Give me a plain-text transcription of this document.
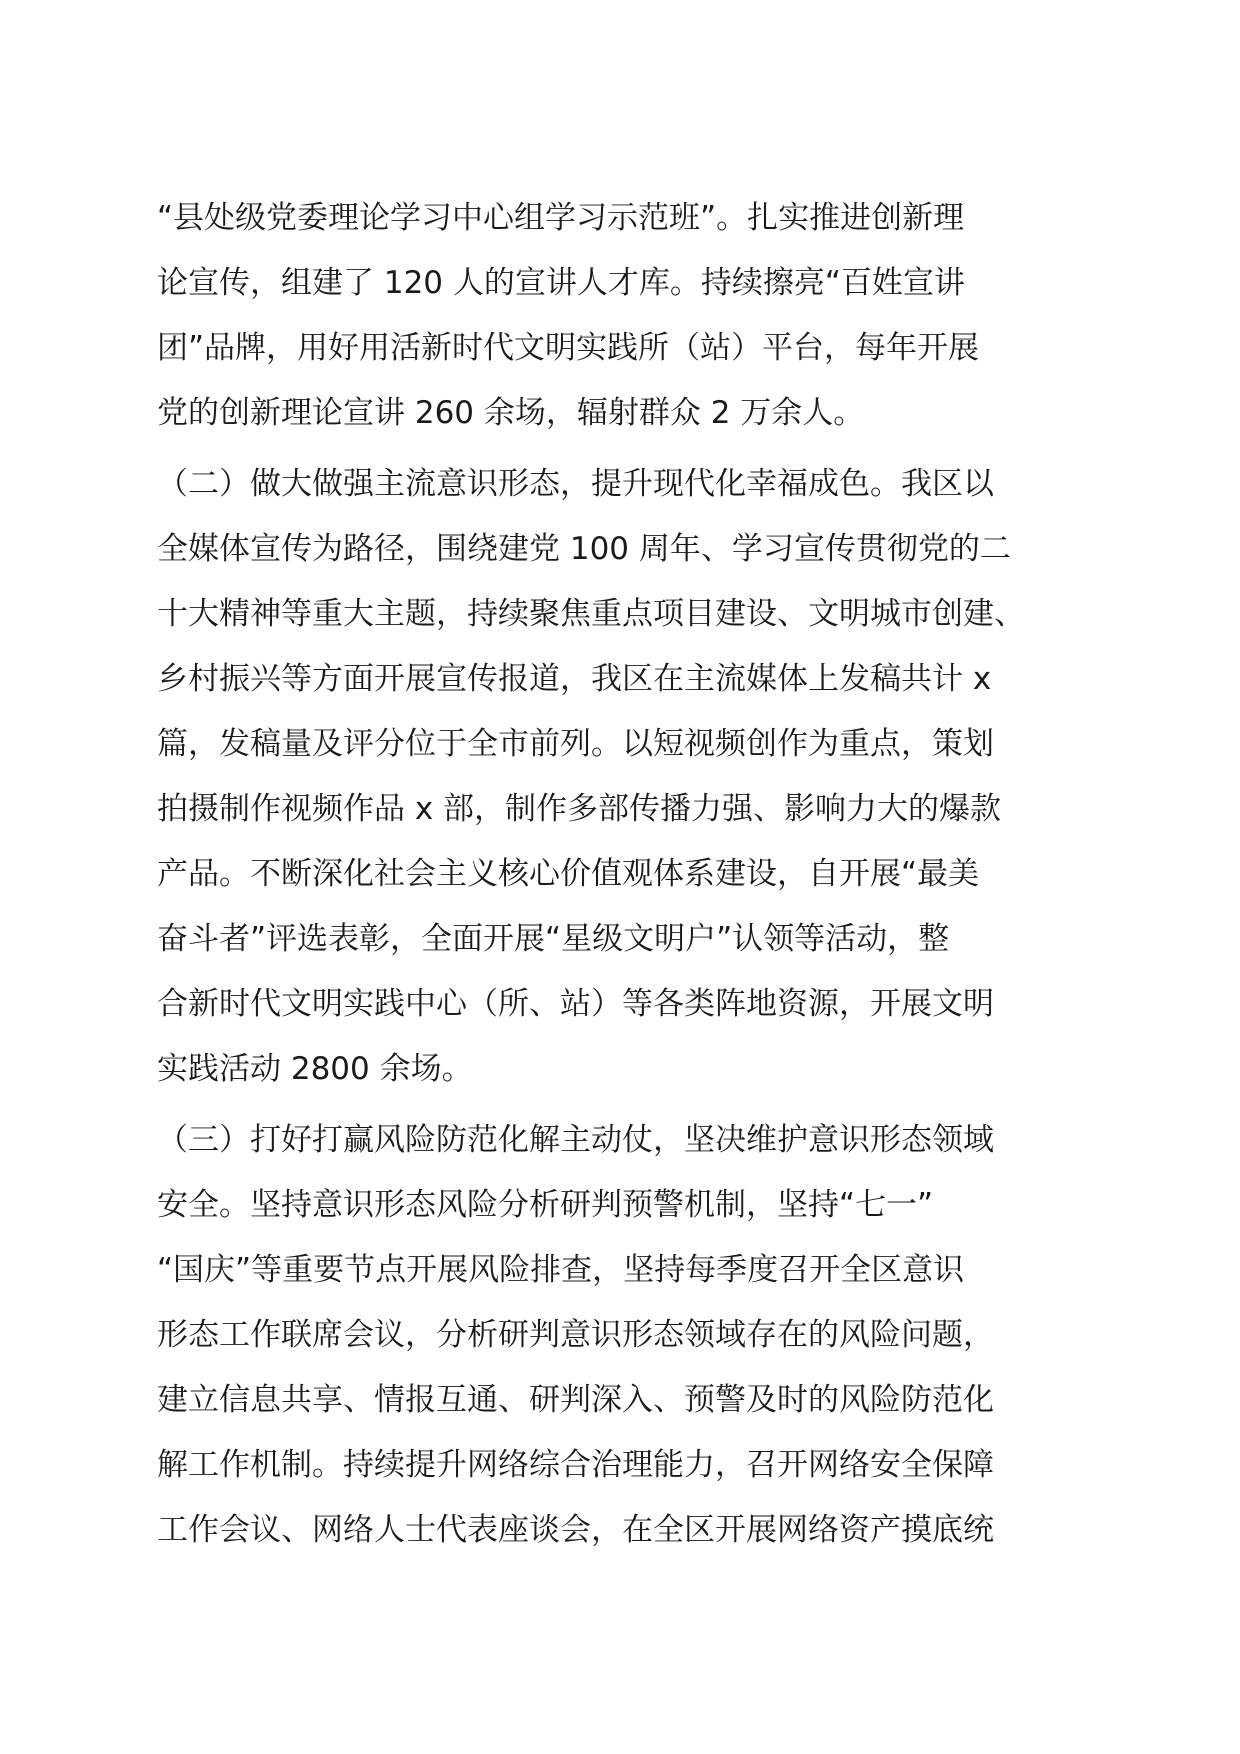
“县处级党委理论学习中心组学习示范班”。扎实推进创新理
论宣传，组建了 120 人的宣讲人才库。持续擦亮“百姓宣讲
团”品牌，用好用活新时代文明实践所（站）平台，每年开展
党的创新理论宣讲 260 余场，辐射群众 2 万余人。
（二）做大做强主流意识形态，提升现代化幸福成色。我区以
全媒体宣传为路径，围绕建党 100 周年、学习宣传贯彻党的二
十大精神等重大主题，持续聚焦重点项目建设、文明城市创建、
乡村振兴等方面开展宣传报道，我区在主流媒体上发稿共计 x
篇，发稿量及评分位于全市前列。以短视频创作为重点，策划
拍摄制作视频作品 x 部，制作多部传播力强、影响力大的爆款
产品。不断深化社会主义核心价值观体系建设，自开展“最美
奋斗者”评选表彰，全面开展“星级文明户”认领等活动，整
合新时代文明实践中心（所、站）等各类阵地资源，开展文明
实践活动 2800 余场。
（三）打好打赢风险防范化解主动仗，坚决维护意识形态领域
安全。坚持意识形态风险分析研判预警机制，坚持“七一”
“国庆”等重要节点开展风险排查，坚持每季度召开全区意识
形态工作联席会议，分析研判意识形态领域存在的风险问题，
建立信息共享、情报互通、研判深入、预警及时的风险防范化
解工作机制。持续提升网络综合治理能力，召开网络安全保障
工作会议、网络人士代表座谈会，在全区开展网络资产摸底统
